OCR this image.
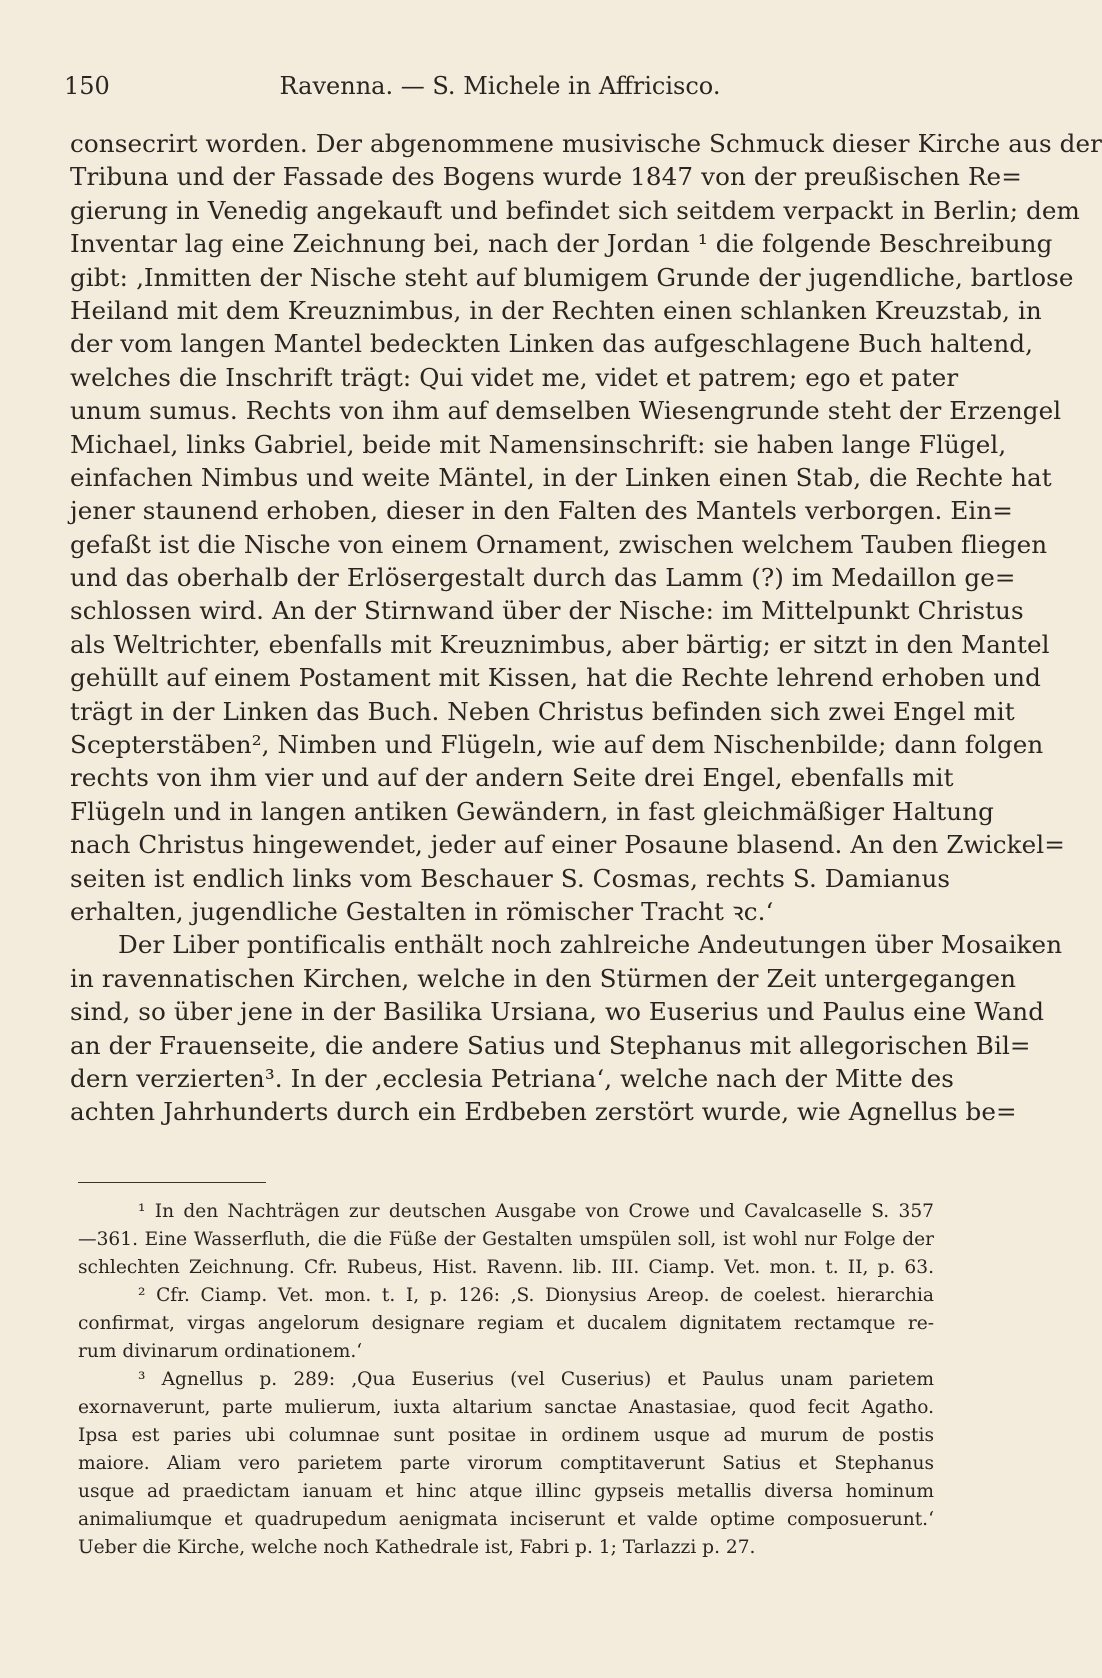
150	Ravenna. — S. Michele in Affricisco.
consecrirt worden. Der abgenommene musivische Schmuck dieser Kirche aus der
Tribuna und der Fassade des Bogens wurde 1847 von der preußischen Re=
gierung in Venedig angekauft und befindet sich seitdem verpackt in Berlin; dem
Inventar lag eine Zeichnung bei, nach der Jordan ¹ die folgende Beschreibung
gibt: ‚Inmitten der Nische steht auf blumigem Grunde der jugendliche, bartlose
Heiland mit dem Kreuznimbus, in der Rechten einen schlanken Kreuzstab, in
der vom langen Mantel bedeckten Linken das aufgeschlagene Buch haltend,
welches die Inschrift trägt: Qui videt me, videt et patrem; ego et pater
unum sumus. Rechts von ihm auf demselben Wiesengrunde steht der Erzengel
Michael, links Gabriel, beide mit Namensinschrift: sie haben lange Flügel,
einfachen Nimbus und weite Mäntel, in der Linken einen Stab, die Rechte hat
jener staunend erhoben, dieser in den Falten des Mantels verborgen. Ein=
gefaßt ist die Nische von einem Ornament, zwischen welchem Tauben fliegen
und das oberhalb der Erlösergestalt durch das Lamm (?) im Medaillon ge=
schlossen wird. An der Stirnwand über der Nische: im Mittelpunkt Christus
als Weltrichter, ebenfalls mit Kreuznimbus, aber bärtig; er sitzt in den Mantel
gehüllt auf einem Postament mit Kissen, hat die Rechte lehrend erhoben und
trägt in der Linken das Buch. Neben Christus befinden sich zwei Engel mit
Scepterstäben², Nimben und Flügeln, wie auf dem Nischenbilde; dann folgen
rechts von ihm vier und auf der andern Seite drei Engel, ebenfalls mit
Flügeln und in langen antiken Gewändern, in fast gleichmäßiger Haltung
nach Christus hingewendet, jeder auf einer Posaune blasend. An den Zwickel=
seiten ist endlich links vom Beschauer S. Cosmas, rechts S. Damianus
erhalten, jugendliche Gestalten in römischer Tracht ꝛc.‘
Der Liber pontificalis enthält noch zahlreiche Andeutungen über Mosaiken
in ravennatischen Kirchen, welche in den Stürmen der Zeit untergegangen
sind, so über jene in der Basilika Ursiana, wo Euserius und Paulus eine Wand
an der Frauenseite, die andere Satius und Stephanus mit allegorischen Bil=
dern verzierten³. In der ‚ecclesia Petriana‘, welche nach der Mitte des
achten Jahrhunderts durch ein Erdbeben zerstört wurde, wie Agnellus be=
¹ In den Nachträgen zur deutschen Ausgabe von Crowe und Cavalcaselle S. 357
—361. Eine Wasserfluth, die die Füße der Gestalten umspülen soll, ist wohl nur Folge der
schlechten Zeichnung. Cfr. Rubeus, Hist. Ravenn. lib. III. Ciamp. Vet. mon. t. II, p. 63.
² Cfr. Ciamp. Vet. mon. t. I, p. 126: ‚S. Dionysius Areop. de coelest. hierarchia
confirmat, virgas angelorum designare regiam et ducalem dignitatem rectamque re-
rum divinarum ordinationem.‘
³ Agnellus p. 289: ‚Qua Euserius (vel Cuserius) et Paulus unam parietem
exornaverunt, parte mulierum, iuxta altarium sanctae Anastasiae, quod fecit Agatho.
Ipsa est paries ubi columnae sunt positae in ordinem usque ad murum de postis
maiore. Aliam vero parietem parte virorum comptitaverunt Satius et Stephanus
usque ad praedictam ianuam et hinc atque illinc gypseis metallis diversa hominum
animaliumque et quadrupedum aenigmata inciserunt et valde optime composuerunt.‘
Ueber die Kirche, welche noch Kathedrale ist, Fabri p. 1; Tarlazzi p. 27.
